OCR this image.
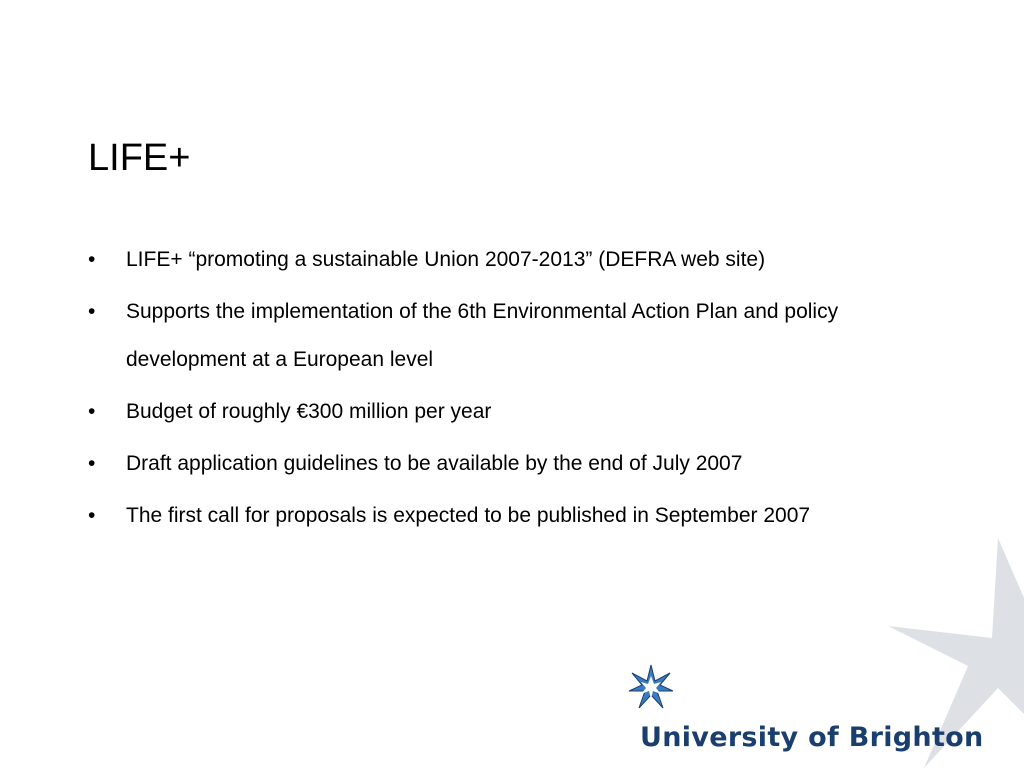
LIFE+
•	LIFE+ “promoting a sustainable Union 2007-2013” (DEFRA web site)
•	Supports the implementation of the 6th Environmental Action Plan and policy development at a European level
•	Budget of roughly €300 million per year
•	Draft application guidelines to be available by the end of July 2007
•	The first call for proposals is expected to be published in September 2007
University of Brighton
